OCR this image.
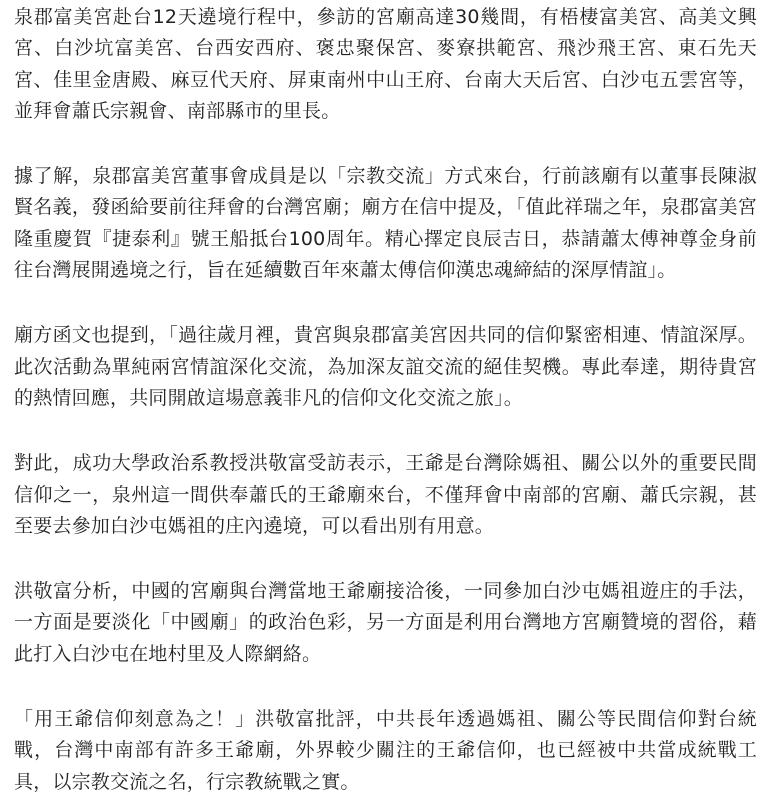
泉郡富美宮赴台12天遶境行程中，參訪的宮廟高達30幾間，有梧棲富美宮、高美文興宮、白沙坑富美宮、台西安西府、褒忠聚保宮、麥寮拱範宮、飛沙飛王宮、東石先天宮、佳里金唐殿、麻豆代天府、屏東南州中山王府、台南大天后宮、白沙屯五雲宮等，並拜會蕭氏宗親會、南部縣市的里長。

據了解，泉郡富美宮董事會成員是以「宗教交流」方式來台，行前該廟有以董事長陳淑賢名義，發函給要前往拜會的台灣宮廟；廟方在信中提及，「值此祥瑞之年，泉郡富美宮隆重慶賀『捷泰利』號王船抵台100周年。精心擇定良辰吉日，恭請蕭太傅神尊金身前往台灣展開遶境之行，旨在延續數百年來蕭太傅信仰漢忠魂締結的深厚情誼」。

廟方函文也提到，「過往歲月裡，貴宮與泉郡富美宮因共同的信仰緊密相連、情誼深厚。此次活動為單純兩宮情誼深化交流，為加深友誼交流的絕佳契機。專此奉達，期待貴宮的熱情回應，共同開啟這場意義非凡的信仰文化交流之旅」。

對此，成功大學政治系教授洪敬富受訪表示，王爺是台灣除媽祖、關公以外的重要民間信仰之一，泉州這一間供奉蕭氏的王爺廟來台，不僅拜會中南部的宮廟、蕭氏宗親，甚至要去參加白沙屯媽祖的庄內遶境，可以看出別有用意。

洪敬富分析，中國的宮廟與台灣當地王爺廟接洽後，一同參加白沙屯媽祖遊庄的手法，一方面是要淡化「中國廟」的政治色彩，另一方面是利用台灣地方宮廟贊境的習俗，藉此打入白沙屯在地村里及人際網絡。

「用王爺信仰刻意為之！」洪敬富批評，中共長年透過媽祖、關公等民間信仰對台統戰，台灣中南部有許多王爺廟，外界較少關注的王爺信仰，也已經被中共當成統戰工具，以宗教交流之名，行宗教統戰之實。
